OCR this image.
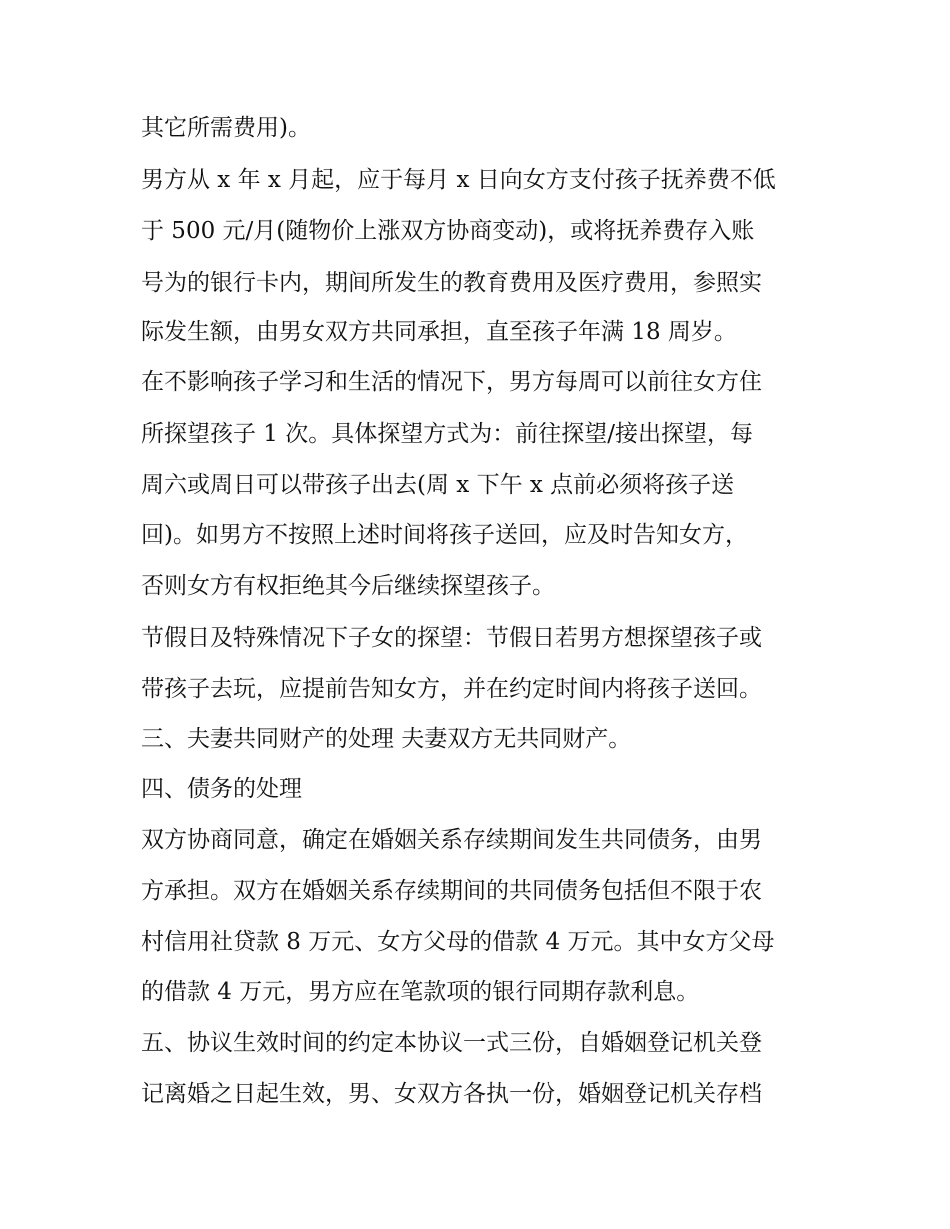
其它所需费用)。
男方从 x 年 x 月起，应于每月 x 日向女方支付孩子抚养费不低
于 500 元/月(随物价上涨双方协商变动)，或将抚养费存入账
号为的银行卡内，期间所发生的教育费用及医疗费用，参照实
际发生额，由男女双方共同承担，直至孩子年满 18 周岁。
在不影响孩子学习和生活的情况下，男方每周可以前往女方住
所探望孩子 1 次。具体探望方式为：前往探望/接出探望，每
周六或周日可以带孩子出去(周 x 下午 x 点前必须将孩子送
回)。如男方不按照上述时间将孩子送回，应及时告知女方，
否则女方有权拒绝其今后继续探望孩子。
节假日及特殊情况下子女的探望：节假日若男方想探望孩子或
带孩子去玩，应提前告知女方，并在约定时间内将孩子送回。
三、夫妻共同财产的处理 夫妻双方无共同财产。
四、债务的处理
双方协商同意，确定在婚姻关系存续期间发生共同债务，由男
方承担。双方在婚姻关系存续期间的共同债务包括但不限于农
村信用社贷款 8 万元、女方父母的借款 4 万元。其中女方父母
的借款 4 万元，男方应在笔款项的银行同期存款利息。
五、协议生效时间的约定本协议一式三份，自婚姻登记机关登
记离婚之日起生效，男、女双方各执一份，婚姻登记机关存档
